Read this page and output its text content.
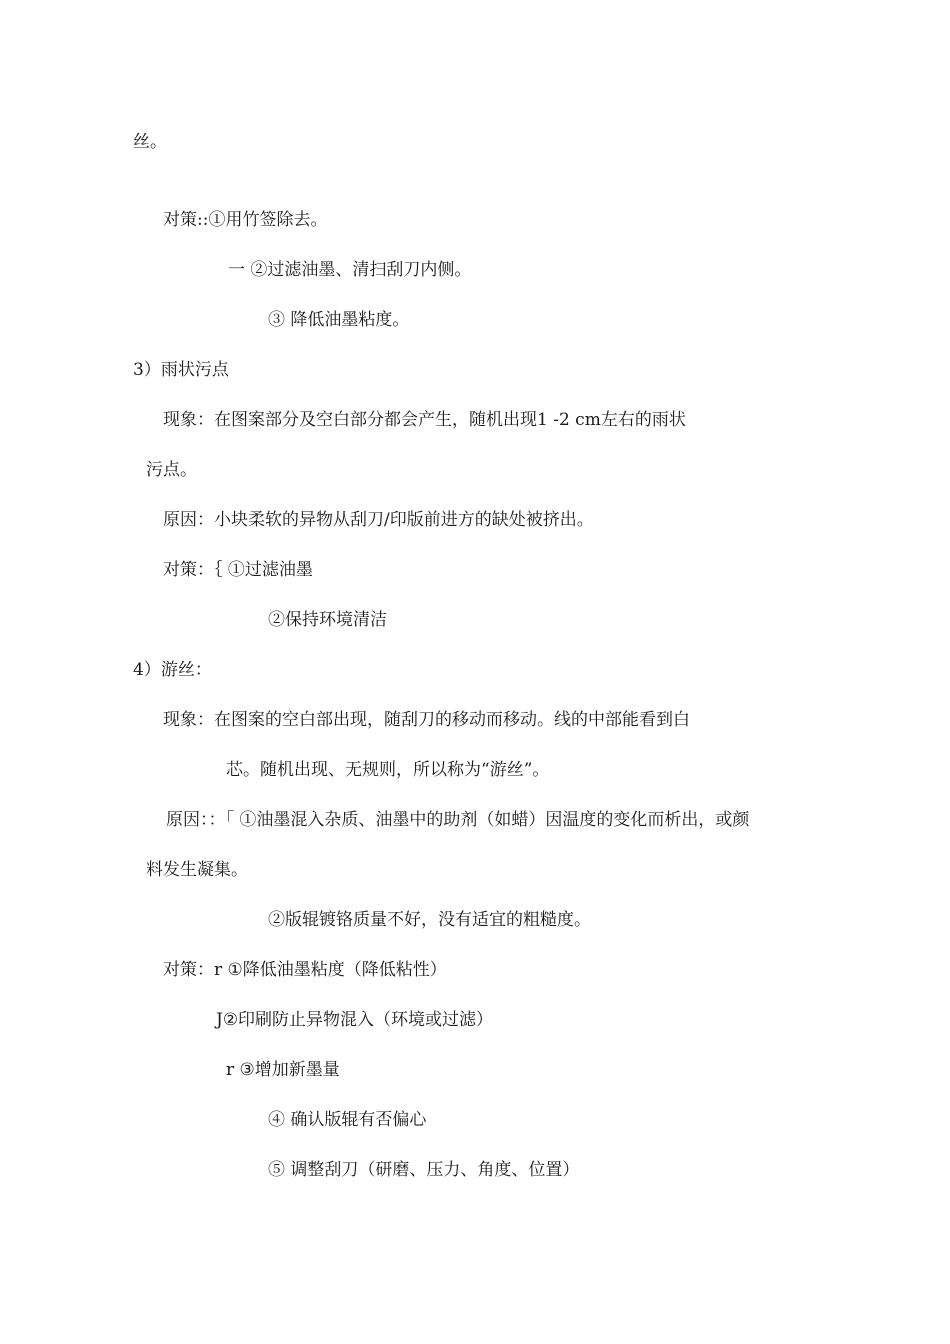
丝。
对策::①用竹签除去。
一 ②过滤油墨、清扫刮刀内侧。
③ 降低油墨粘度。
3）雨状污点
现象：在图案部分及空白部分都会产生，随机出现1 -2 cm左右的雨状
污点。
原因：小块柔软的异物从刮刀/印版前进方的缺处被挤出。
对策：｛ ①过滤油墨
②保持环境清洁
4）游丝：
现象：在图案的空白部出现，随刮刀的移动而移动。线的中部能看到白
芯。随机出现、无规则，所以称为“游丝”。
原因：：「 ①油墨混入杂质、油墨中的助剂（如蜡）因温度的变化而析出，或颜
料发生凝集。
②版辊镀铬质量不好，没有适宜的粗糙度。
对策：r ①降低油墨粘度（降低粘性）
J②印刷防止异物混入（环境或过滤）
r ③增加新墨量
④ 确认版辊有否偏心
⑤ 调整刮刀（研磨、压力、角度、位置）
